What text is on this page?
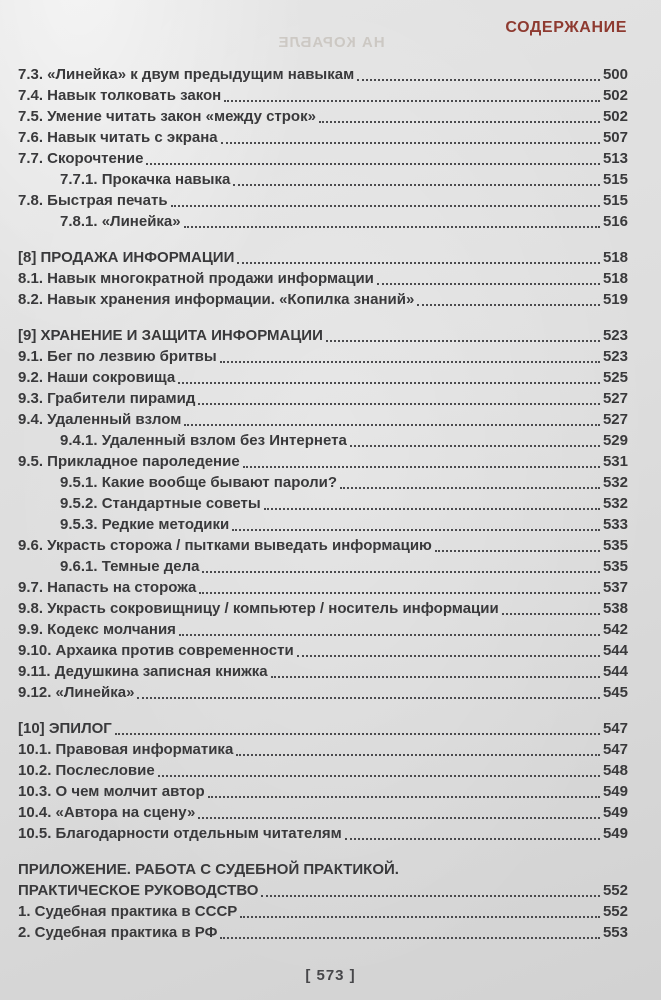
НА КОРАБЛЕ
СОДЕРЖАНИЕ
7.3. «Линейка» к двум предыдущим навыкам	500
7.4. Навык толковать закон	502
7.5. Умение читать закон «между строк»	502
7.6. Навык читать с экрана	507
7.7. Скорочтение	513
7.7.1. Прокачка навыка	515
7.8. Быстрая печать	515
7.8.1. «Линейка»	516
[8] ПРОДАЖА ИНФОРМАЦИИ	518
8.1. Навык многократной продажи информации	518
8.2. Навык хранения информации. «Копилка знаний»	519
[9] ХРАНЕНИЕ И ЗАЩИТА ИНФОРМАЦИИ	523
9.1. Бег по лезвию бритвы	523
9.2. Наши сокровища	525
9.3. Грабители пирамид	527
9.4. Удаленный взлом	527
9.4.1. Удаленный взлом без Интернета	529
9.5. Прикладное пароледение	531
9.5.1. Какие вообще бывают пароли?	532
9.5.2. Стандартные советы	532
9.5.3. Редкие методики	533
9.6. Украсть сторожа / пытками выведать информацию	535
9.6.1. Темные дела	535
9.7. Напасть на сторожа	537
9.8. Украсть сокровищницу / компьютер / носитель информации	538
9.9. Кодекс молчания	542
9.10. Архаика против современности	544
9.11. Дедушкина записная книжка	544
9.12. «Линейка»	545
[10] ЭПИЛОГ	547
10.1. Правовая информатика	547
10.2. Послесловие	548
10.3. О чем молчит автор	549
10.4. «Автора на сцену»	549
10.5. Благодарности отдельным читателям	549
ПРИЛОЖЕНИЕ. РАБОТА С СУДЕБНОЙ ПРАКТИКОЙ.
ПРАКТИЧЕСКОЕ РУКОВОДСТВО	552
1. Судебная практика в СССР	552
2. Судебная практика в РФ	553
[ 573 ]
